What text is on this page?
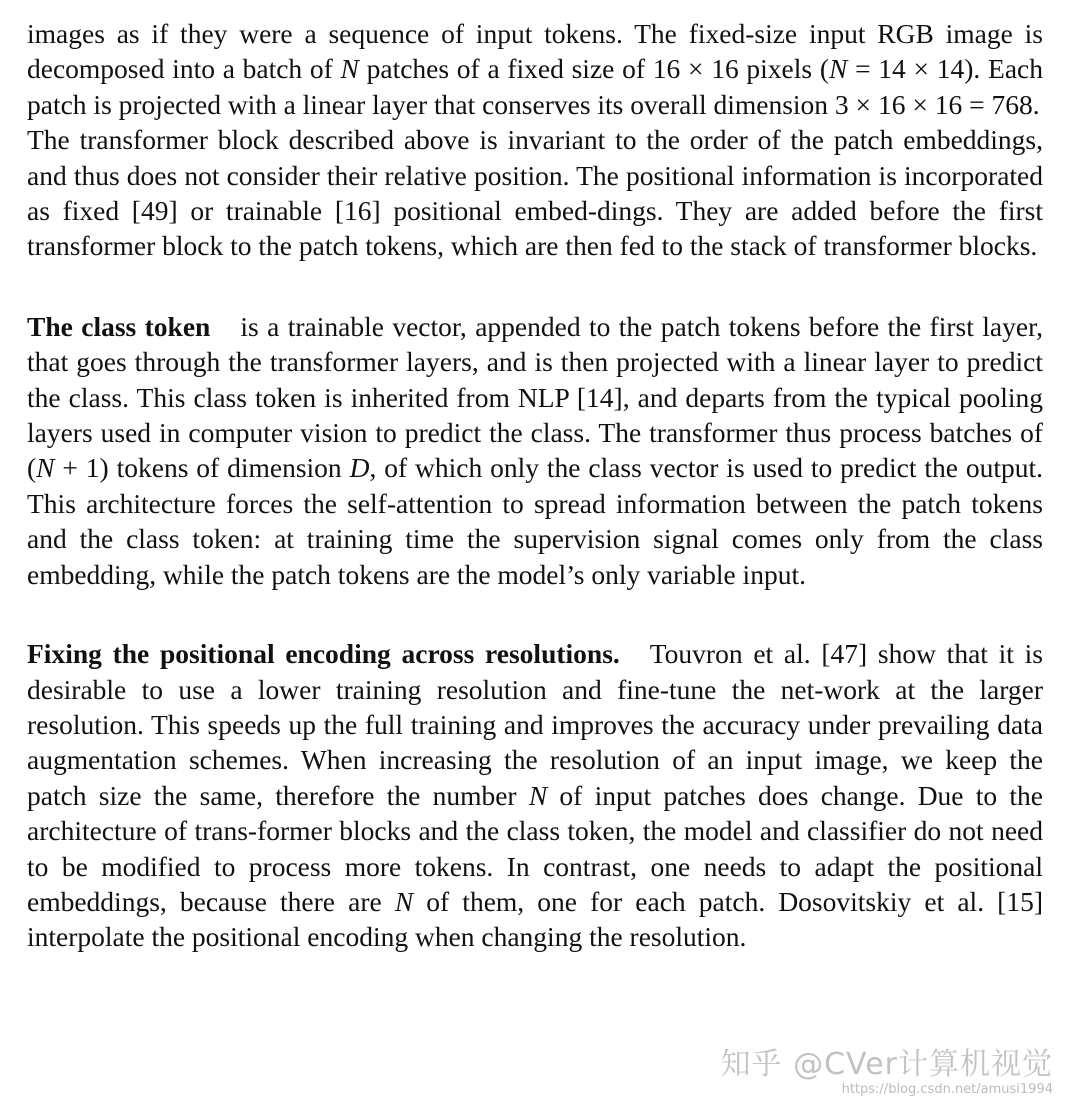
images as if they were a sequence of input tokens. The fixed-size input RGB image is decomposed into a batch of N patches of a fixed size of 16 × 16 pixels (N = 14 × 14). Each patch is projected with a linear layer that conserves its overall dimension 3 × 16 × 16 = 768.

The transformer block described above is invariant to the order of the patch embeddings, and thus does not consider their relative position. The positional information is incorporated as fixed [49] or trainable [16] positional embed-dings. They are added before the first transformer block to the patch tokens, which are then fed to the stack of transformer blocks.

The class token is a trainable vector, appended to the patch tokens before the first layer, that goes through the transformer layers, and is then projected with a linear layer to predict the class. This class token is inherited from NLP [14], and departs from the typical pooling layers used in computer vision to predict the class. The transformer thus process batches of (N + 1) tokens of dimension D, of which only the class vector is used to predict the output. This architecture forces the self-attention to spread information between the patch tokens and the class token: at training time the supervision signal comes only from the class embedding, while the patch tokens are the model’s only variable input.

Fixing the positional encoding across resolutions. Touvron et al. [47] show that it is desirable to use a lower training resolution and fine-tune the net-work at the larger resolution. This speeds up the full training and improves the accuracy under prevailing data augmentation schemes. When increasing the resolution of an input image, we keep the patch size the same, therefore the number N of input patches does change. Due to the architecture of trans-former blocks and the class token, the model and classifier do not need to be modified to process more tokens. In contrast, one needs to adapt the positional embeddings, because there are N of them, one for each patch. Dosovitskiy et al. [15] interpolate the positional encoding when changing the resolution.

知乎 @CVer计算机视觉
https://blog.csdn.net/amusi1994
